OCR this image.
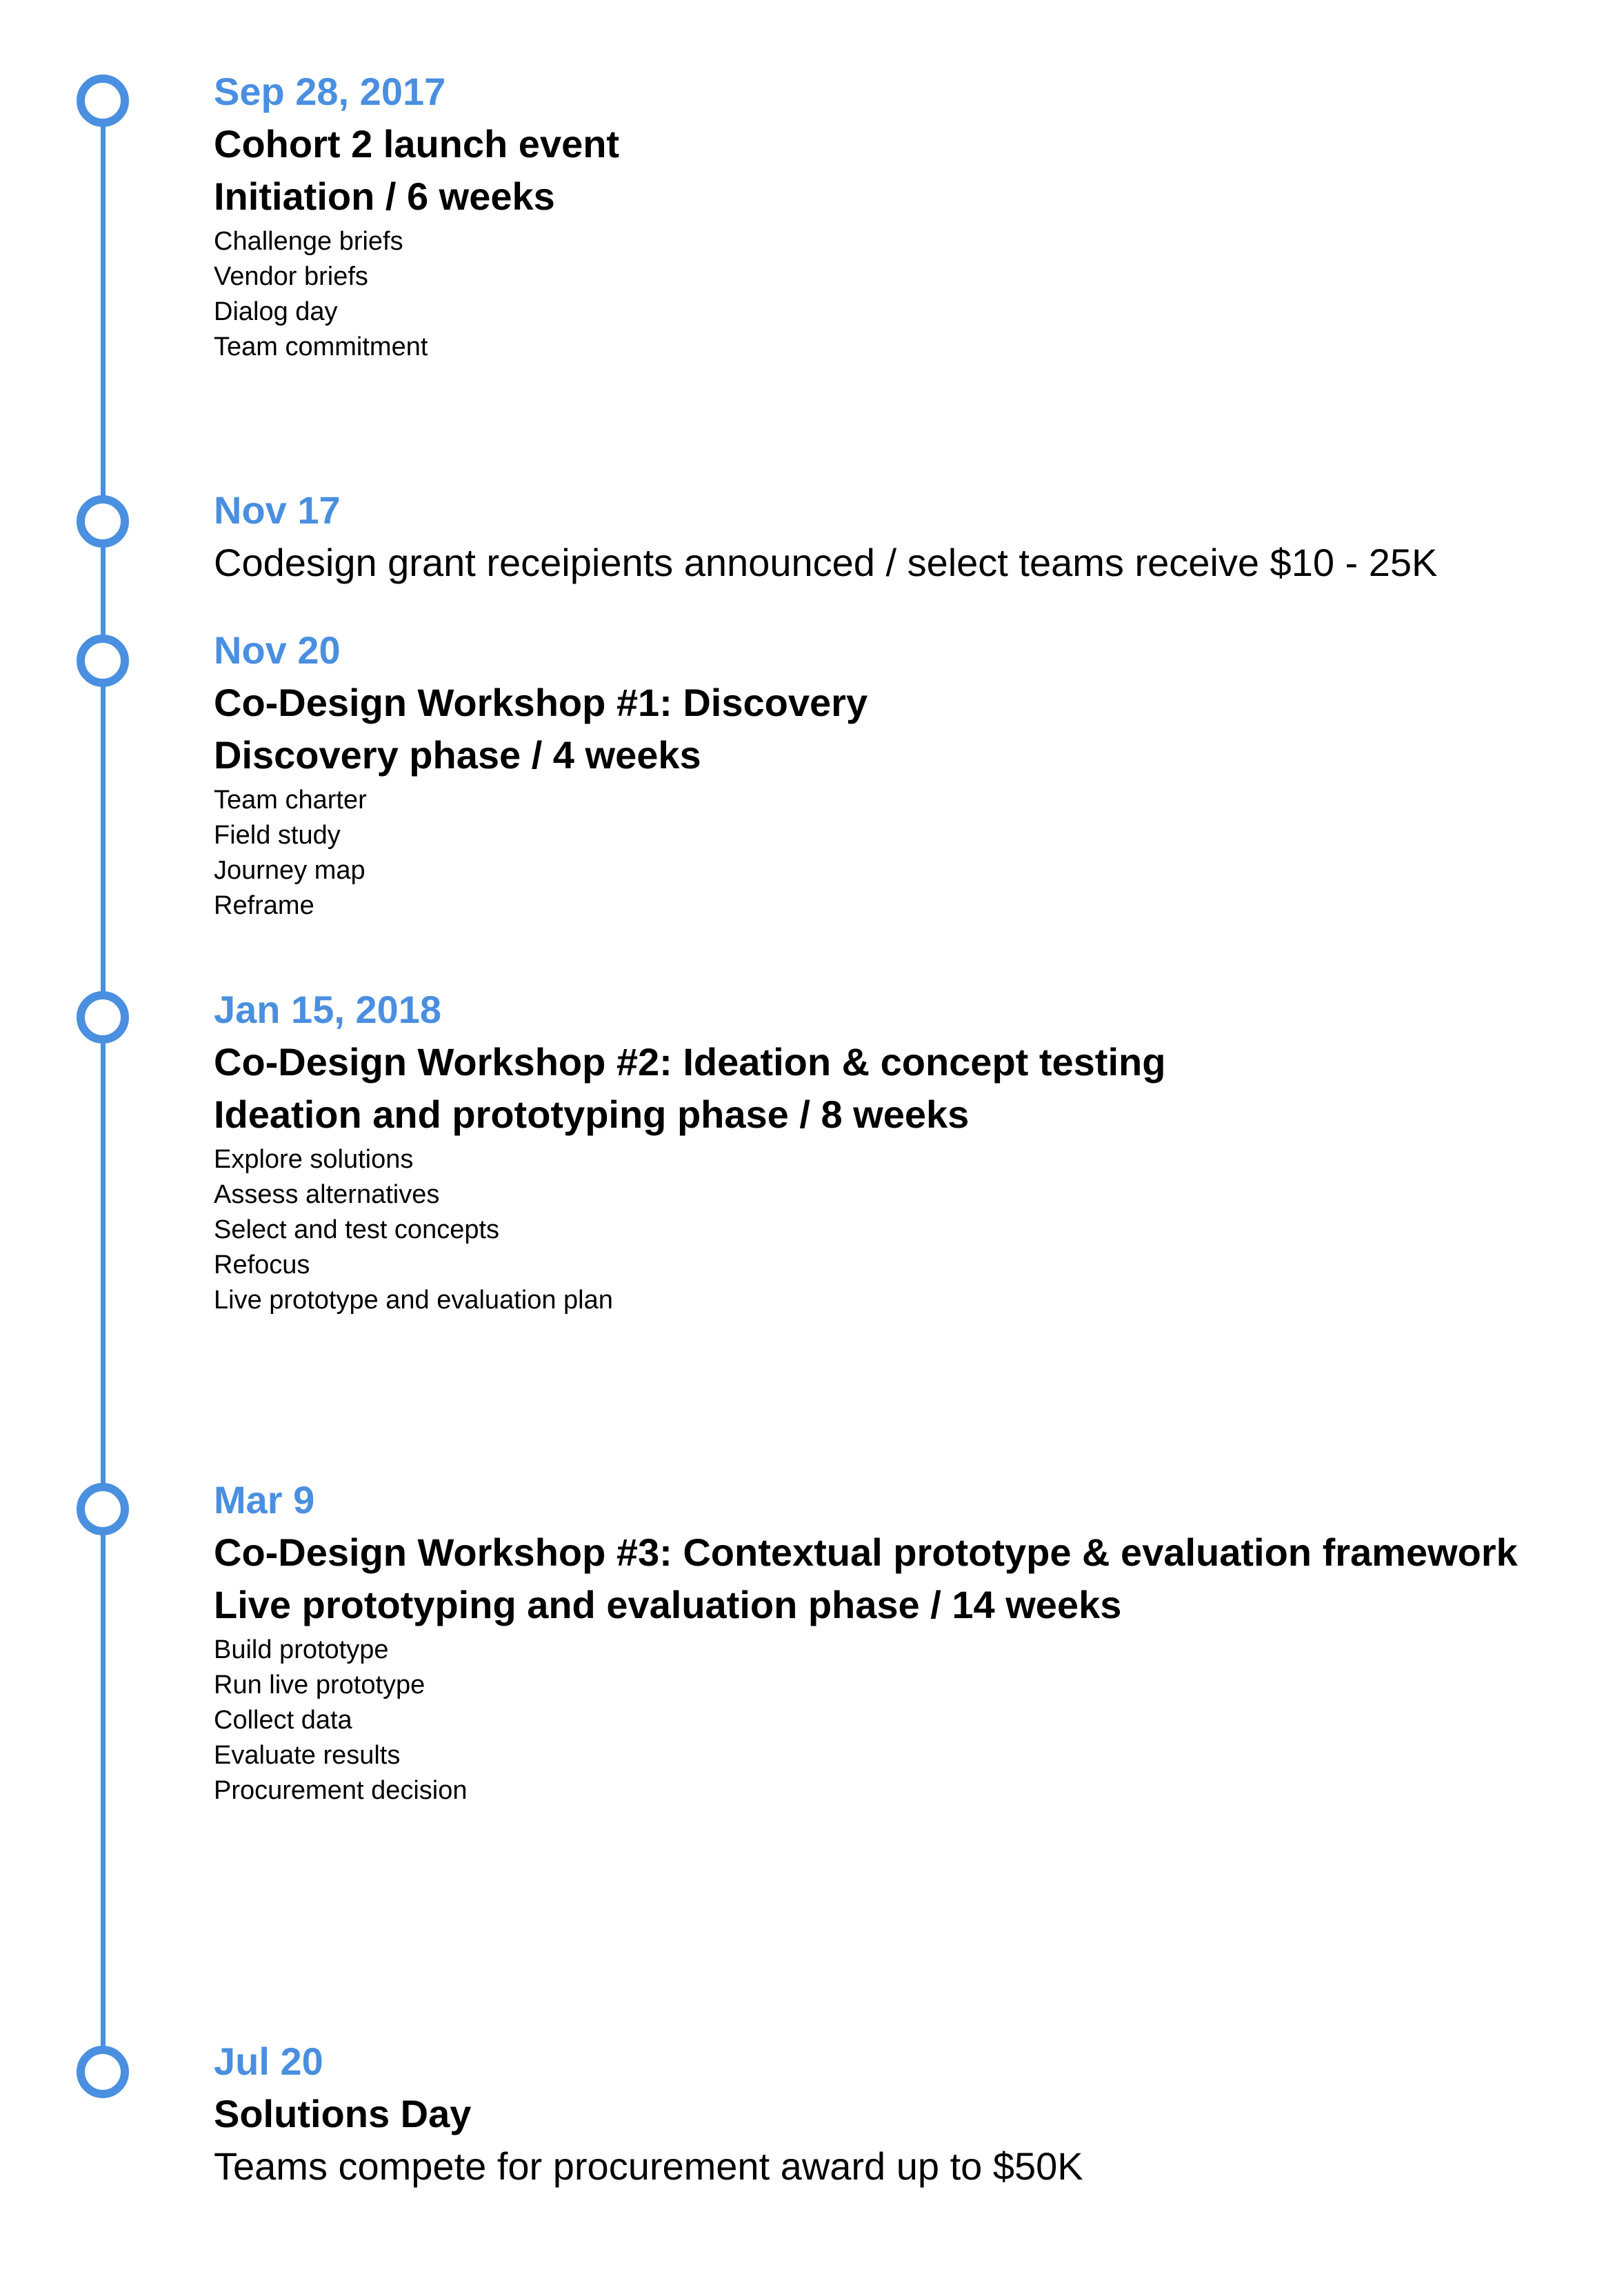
Sep 28, 2017
Cohort 2 launch event
Initiation / 6 weeks
Challenge briefs
Vendor briefs
Dialog day
Team commitment
Nov 17
Codesign grant receipients announced / select teams receive $10 - 25K
Nov 20
Co-Design Workshop #1: Discovery
Discovery phase / 4 weeks
Team charter
Field study
Journey map
Reframe
Jan 15, 2018
Co-Design Workshop #2: Ideation & concept testing
Ideation and prototyping phase / 8 weeks
Explore solutions
Assess alternatives
Select and test concepts
Refocus
Live prototype and evaluation plan
Mar 9
Co-Design Workshop #3: Contextual prototype & evaluation framework
Live prototyping and evaluation phase / 14 weeks
Build prototype
Run live prototype
Collect data
Evaluate results
Procurement decision
Jul 20
Solutions Day
Teams compete for procurement award up to $50K
